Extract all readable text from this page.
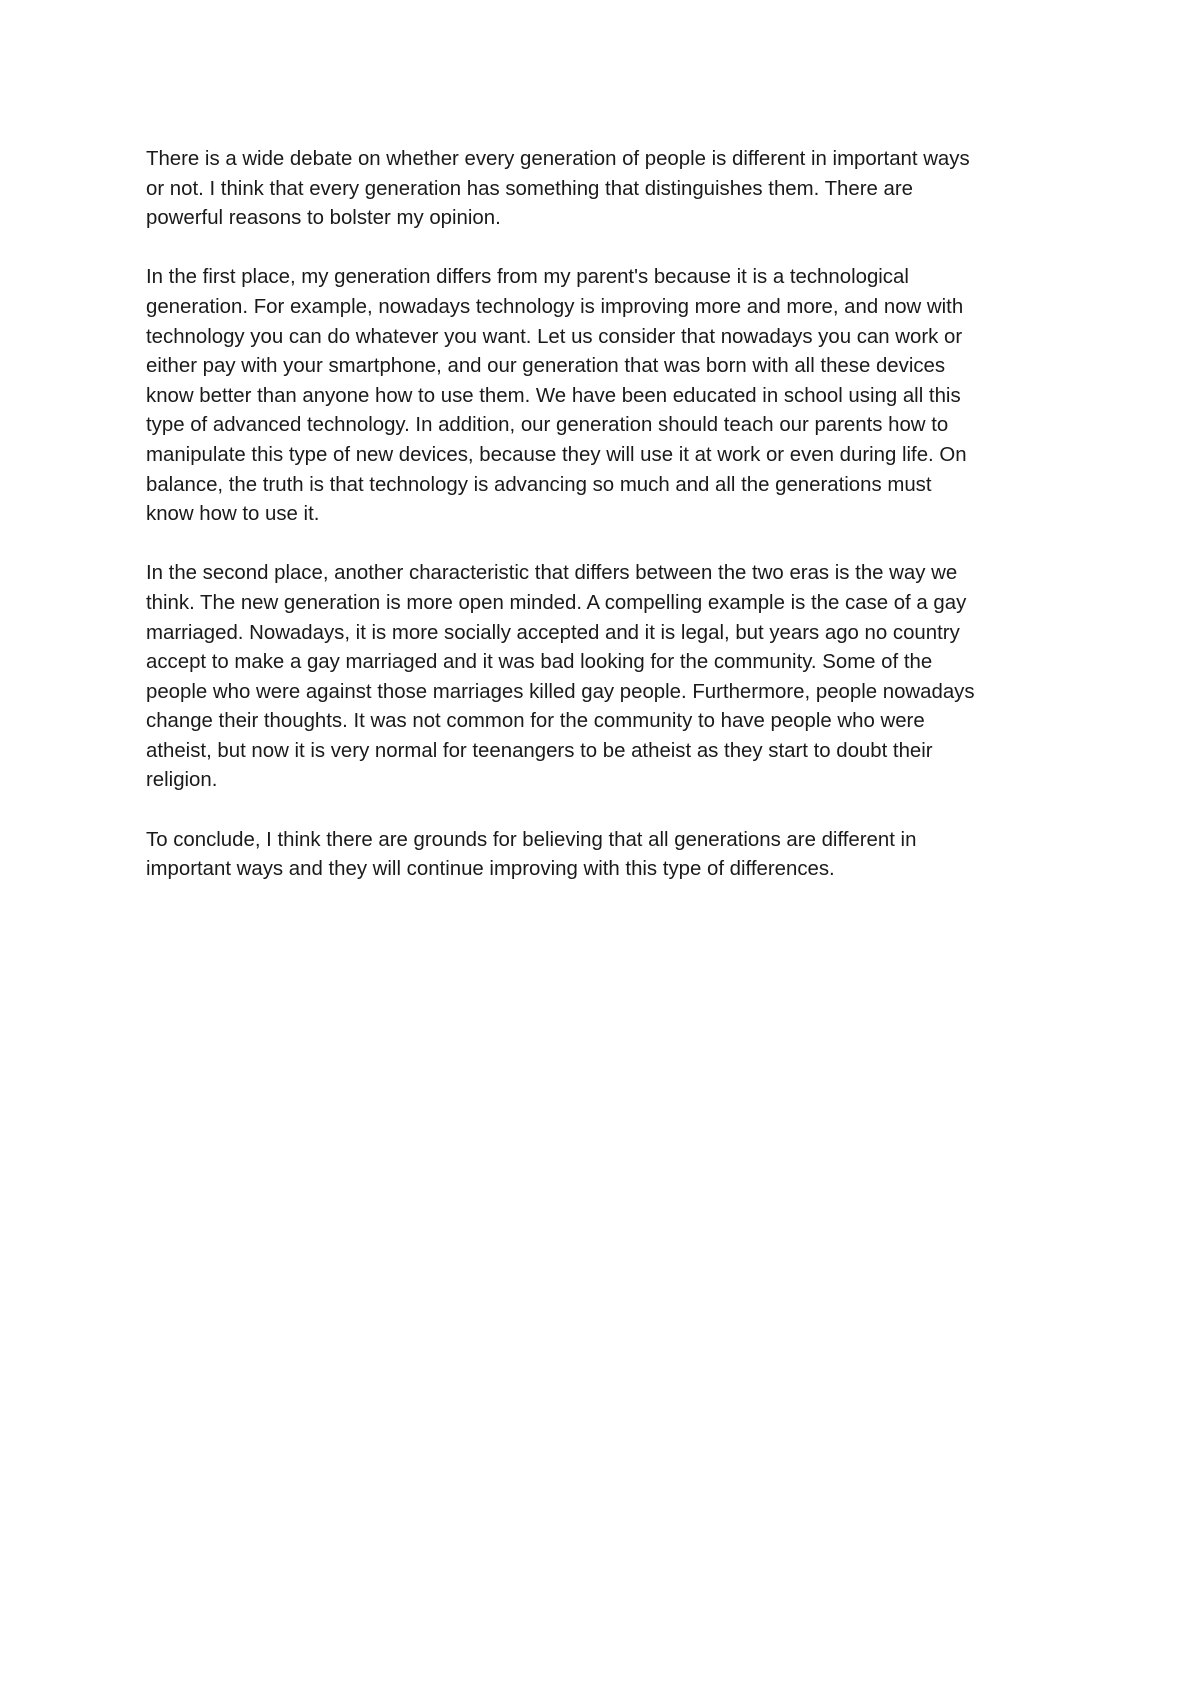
There is a wide debate on whether every generation of people is different in important ways
or not. I think that every generation has something that distinguishes them. There are
powerful reasons to bolster my opinion.

In the first place, my generation differs from my parent's because it is a technological
generation. For example, nowadays technology is improving more and more, and now with
technology you can do whatever you want. Let us consider that nowadays you can work or
either pay with your smartphone, and our generation that was born with all these devices
know better than anyone how to use them. We have been educated in school using all this
type of advanced technology. In addition, our generation should teach our parents how to
manipulate this type of new devices, because they will use it at work or even during life. On
balance, the truth is that technology is advancing so much and all the generations must
know how to use it.

In the second place, another characteristic that differs between the two eras is the way we
think. The new generation is more open minded. A compelling example is the case of a gay
marriaged. Nowadays, it is more socially accepted and it is legal, but years ago no country
accept to make a gay marriaged and it was bad looking for the community. Some of the
people who were against those marriages killed gay people. Furthermore, people nowadays
change their thoughts. It was not common for the community to have people who were
atheist, but now it is very normal for teenangers to be atheist as they start to doubt their
religion.

To conclude, I think there are grounds for believing that all generations are different in
important ways and they will continue improving with this type of differences.
